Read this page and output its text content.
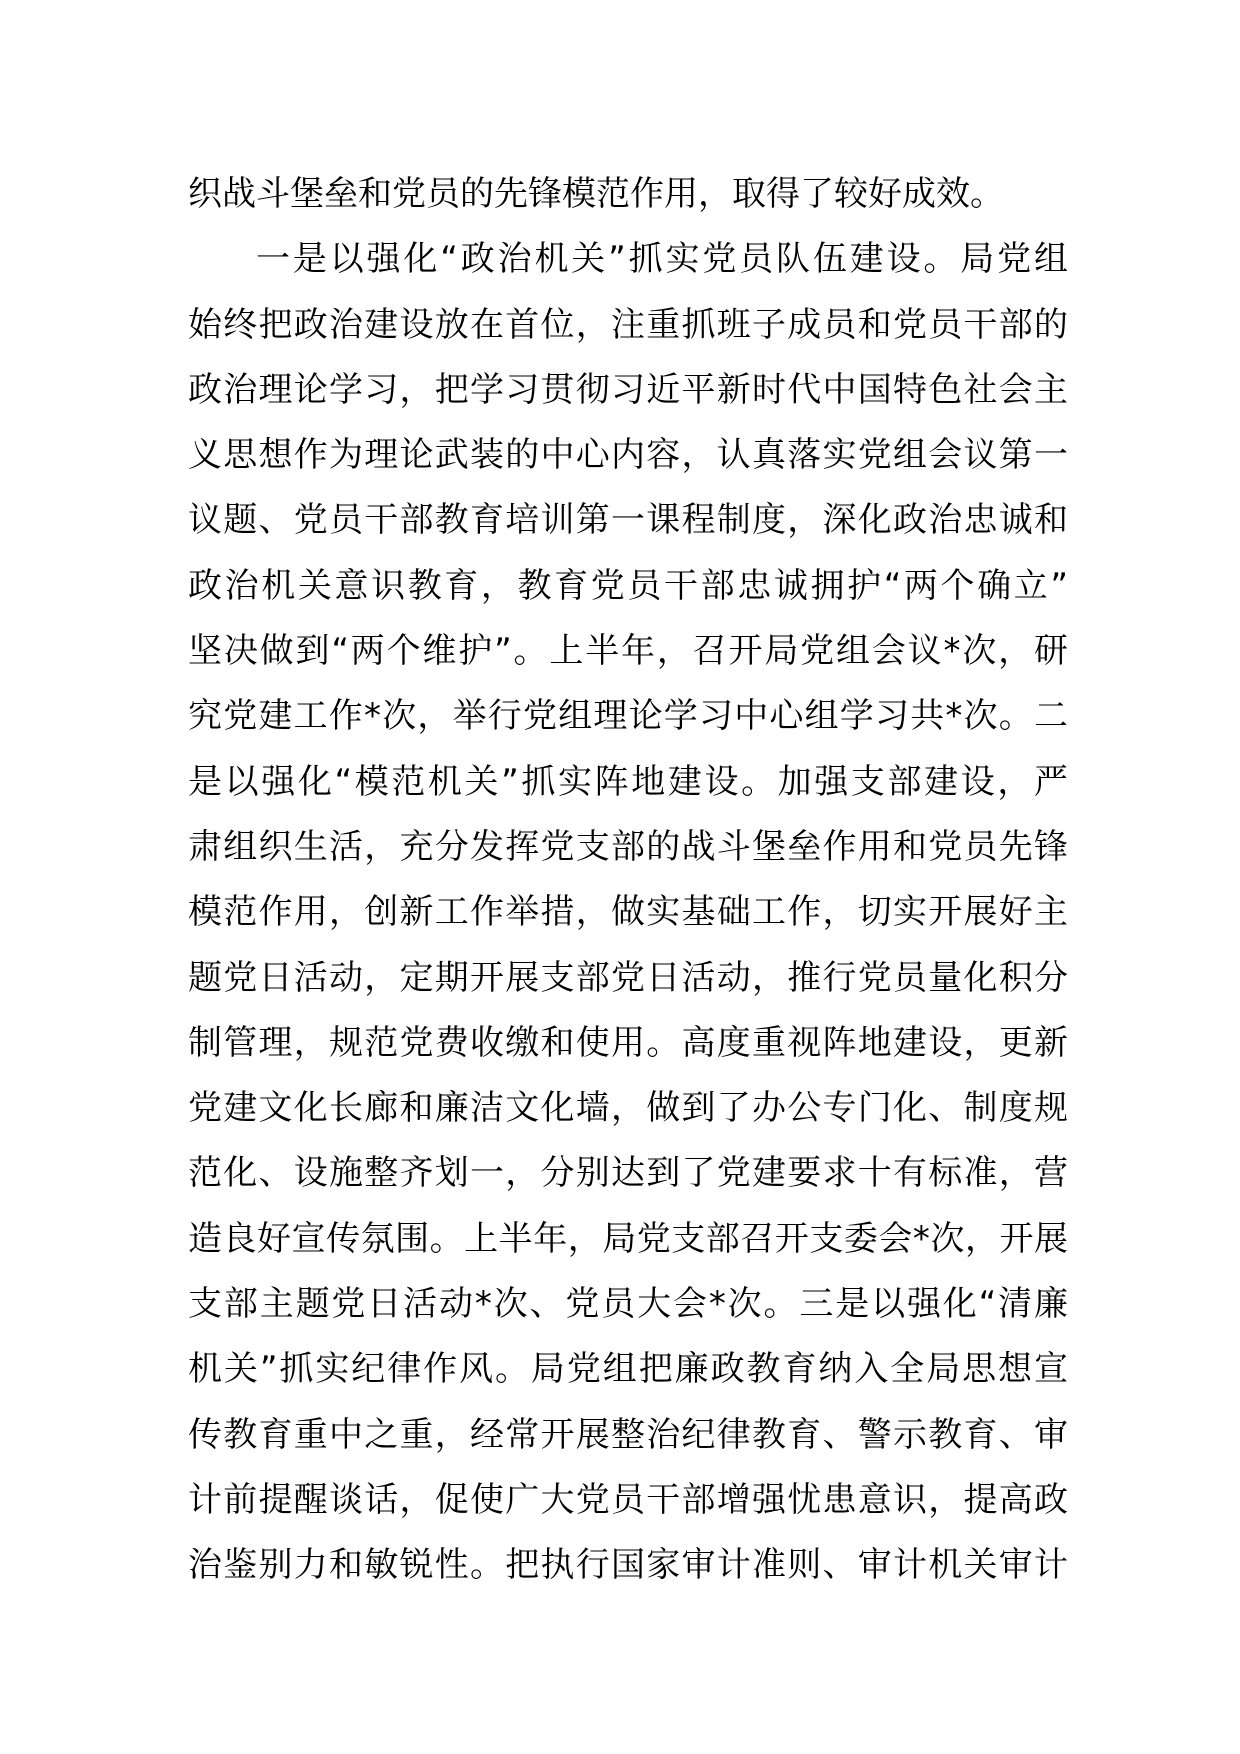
织战斗堡垒和党员的先锋模范作用，取得了较好成效。
一是以强化“政治机关”抓实党员队伍建设。局党组
始终把政治建设放在首位，注重抓班子成员和党员干部的
政治理论学习，把学习贯彻习近平新时代中国特色社会主
义思想作为理论武装的中心内容，认真落实党组会议第一
议题、党员干部教育培训第一课程制度，深化政治忠诚和
政治机关意识教育，教育党员干部忠诚拥护“两个确立”
坚决做到“两个维护”。上半年，召开局党组会议*次，研
究党建工作*次，举行党组理论学习中心组学习共*次。二
是以强化“模范机关”抓实阵地建设。加强支部建设，严
肃组织生活，充分发挥党支部的战斗堡垒作用和党员先锋
模范作用，创新工作举措，做实基础工作，切实开展好主
题党日活动，定期开展支部党日活动，推行党员量化积分
制管理，规范党费收缴和使用。高度重视阵地建设，更新
党建文化长廊和廉洁文化墙，做到了办公专门化、制度规
范化、设施整齐划一，分别达到了党建要求十有标准，营
造良好宣传氛围。上半年，局党支部召开支委会*次，开展
支部主题党日活动*次、党员大会*次。三是以强化“清廉
机关”抓实纪律作风。局党组把廉政教育纳入全局思想宣
传教育重中之重，经常开展整治纪律教育、警示教育、审
计前提醒谈话，促使广大党员干部增强忧患意识，提高政
治鉴别力和敏锐性。把执行国家审计准则、审计机关审计
